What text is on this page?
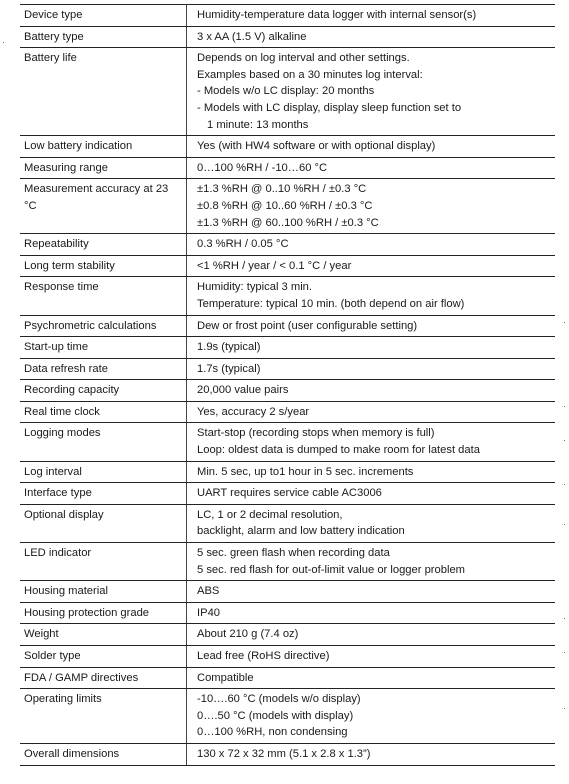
Device type	Humidity-temperature data logger with internal sensor(s)

Battery type	3 x AA (1.5 V) alkaline

Battery life	Depends on log interval and other settings.
Examples based on a 30 minutes log interval:
- Models w/o LC display: 20 months
- Models with LC display, display sleep function set to
1 minute: 13 months

Low battery indication	Yes (with HW4 software or with optional display)

Measuring range	0…100 %RH / -10…60 °C

Measurement accuracy at 23 °C	±1.3 %RH @ 0..10 %RH / ±0.3 °C
±0.8 %RH @ 10..60 %RH / ±0.3 °C
±1.3 %RH @ 60..100 %RH / ±0.3 °C

Repeatability	0.3 %RH / 0.05 °C

Long term stability	<1 %RH / year / < 0.1 °C / year

Response time	Humidity: typical 3 min.
Temperature: typical 10 min. (both depend on air flow)

Psychrometric calculations	Dew or frost point (user configurable setting)

Start-up time	1.9s (typical)

Data refresh rate	1.7s (typical)

Recording capacity	20,000 value pairs

Real time clock	Yes, accuracy 2 s/year

Logging modes	Start-stop (recording stops when memory is full)
Loop: oldest data is dumped to make room for latest data

Log interval	Min. 5 sec, up to1 hour in 5 sec. increments

Interface type	UART requires service cable AC3006

Optional display	LC, 1 or 2 decimal resolution,
backlight, alarm and low battery indication

LED indicator	5 sec. green flash when recording data
5 sec. red flash for out-of-limit value or logger problem

Housing material	ABS

Housing protection grade	IP40

Weight	About 210 g (7.4 oz)

Solder type	Lead free (RoHS directive)

FDA / GAMP directives	Compatible

Operating limits	-10….60 °C (models w/o display)
0….50 °C (models with display)
0…100 %RH, non condensing

Overall dimensions	130 x 72 x 32 mm (5.1 x 2.8 x 1.3”)
·
·
·
·
·
·
·
·
·
